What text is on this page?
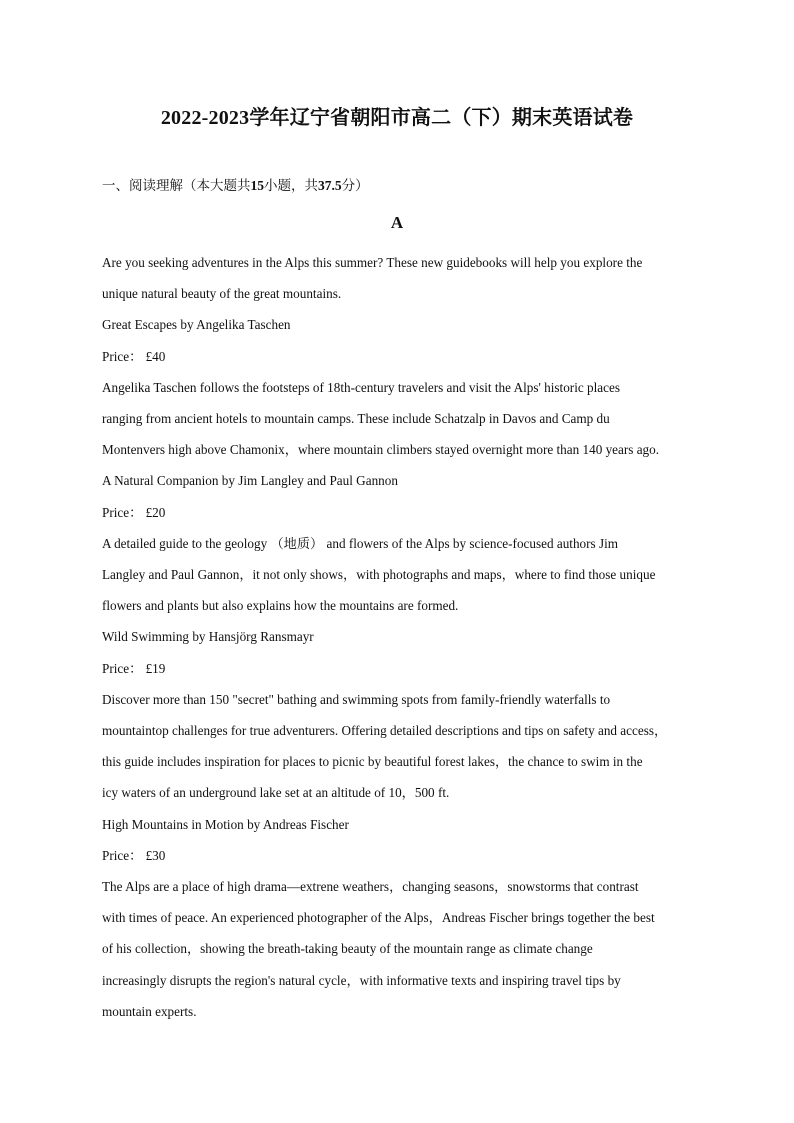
2022-2023学年辽宁省朝阳市高二（下）期末英语试卷
一、阅读理解（本大题共15小题，共37.5分）
A

Are you seeking adventures in the Alps this summer? These new guidebooks will help you explore the

unique natural beauty of the great mountains.

Great Escapes by Angelika Taschen

Price： £40

Angelika Taschen follows the footsteps of 18th-century travelers and visit the Alps' historic places

ranging from ancient hotels to mountain camps. These include Schatzalp in Davos and Camp du

Montenvers high above Chamonix，where mountain climbers stayed overnight more than 140 years ago.

A Natural Companion by Jim Langley and Paul Gannon

Price： £20

A detailed guide to the geology （地质） and flowers of the Alps by science-focused authors Jim

Langley and Paul Gannon，it not only shows，with photographs and maps，where to find those unique

flowers and plants but also explains how the mountains are formed.

Wild Swimming by Hansjörg Ransmayr

Price： £19

Discover more than 150 "secret" bathing and swimming spots from family-friendly waterfalls to

mountaintop challenges for true adventurers. Offering detailed descriptions and tips on safety and access，

this guide includes inspiration for places to picnic by beautiful forest lakes，the chance to swim in the

icy waters of an underground lake set at an altitude of 10，500 ft.

High Mountains in Motion by Andreas Fischer

Price： £30

The Alps are a place of high drama—extrene weathers，changing seasons，snowstorms that contrast

with times of peace. An experienced photographer of the Alps，Andreas Fischer brings together the best

of his collection，showing the breath-taking beauty of the mountain range as climate change

increasingly disrupts the region's natural cycle，with informative texts and inspiring travel tips by

mountain experts.
